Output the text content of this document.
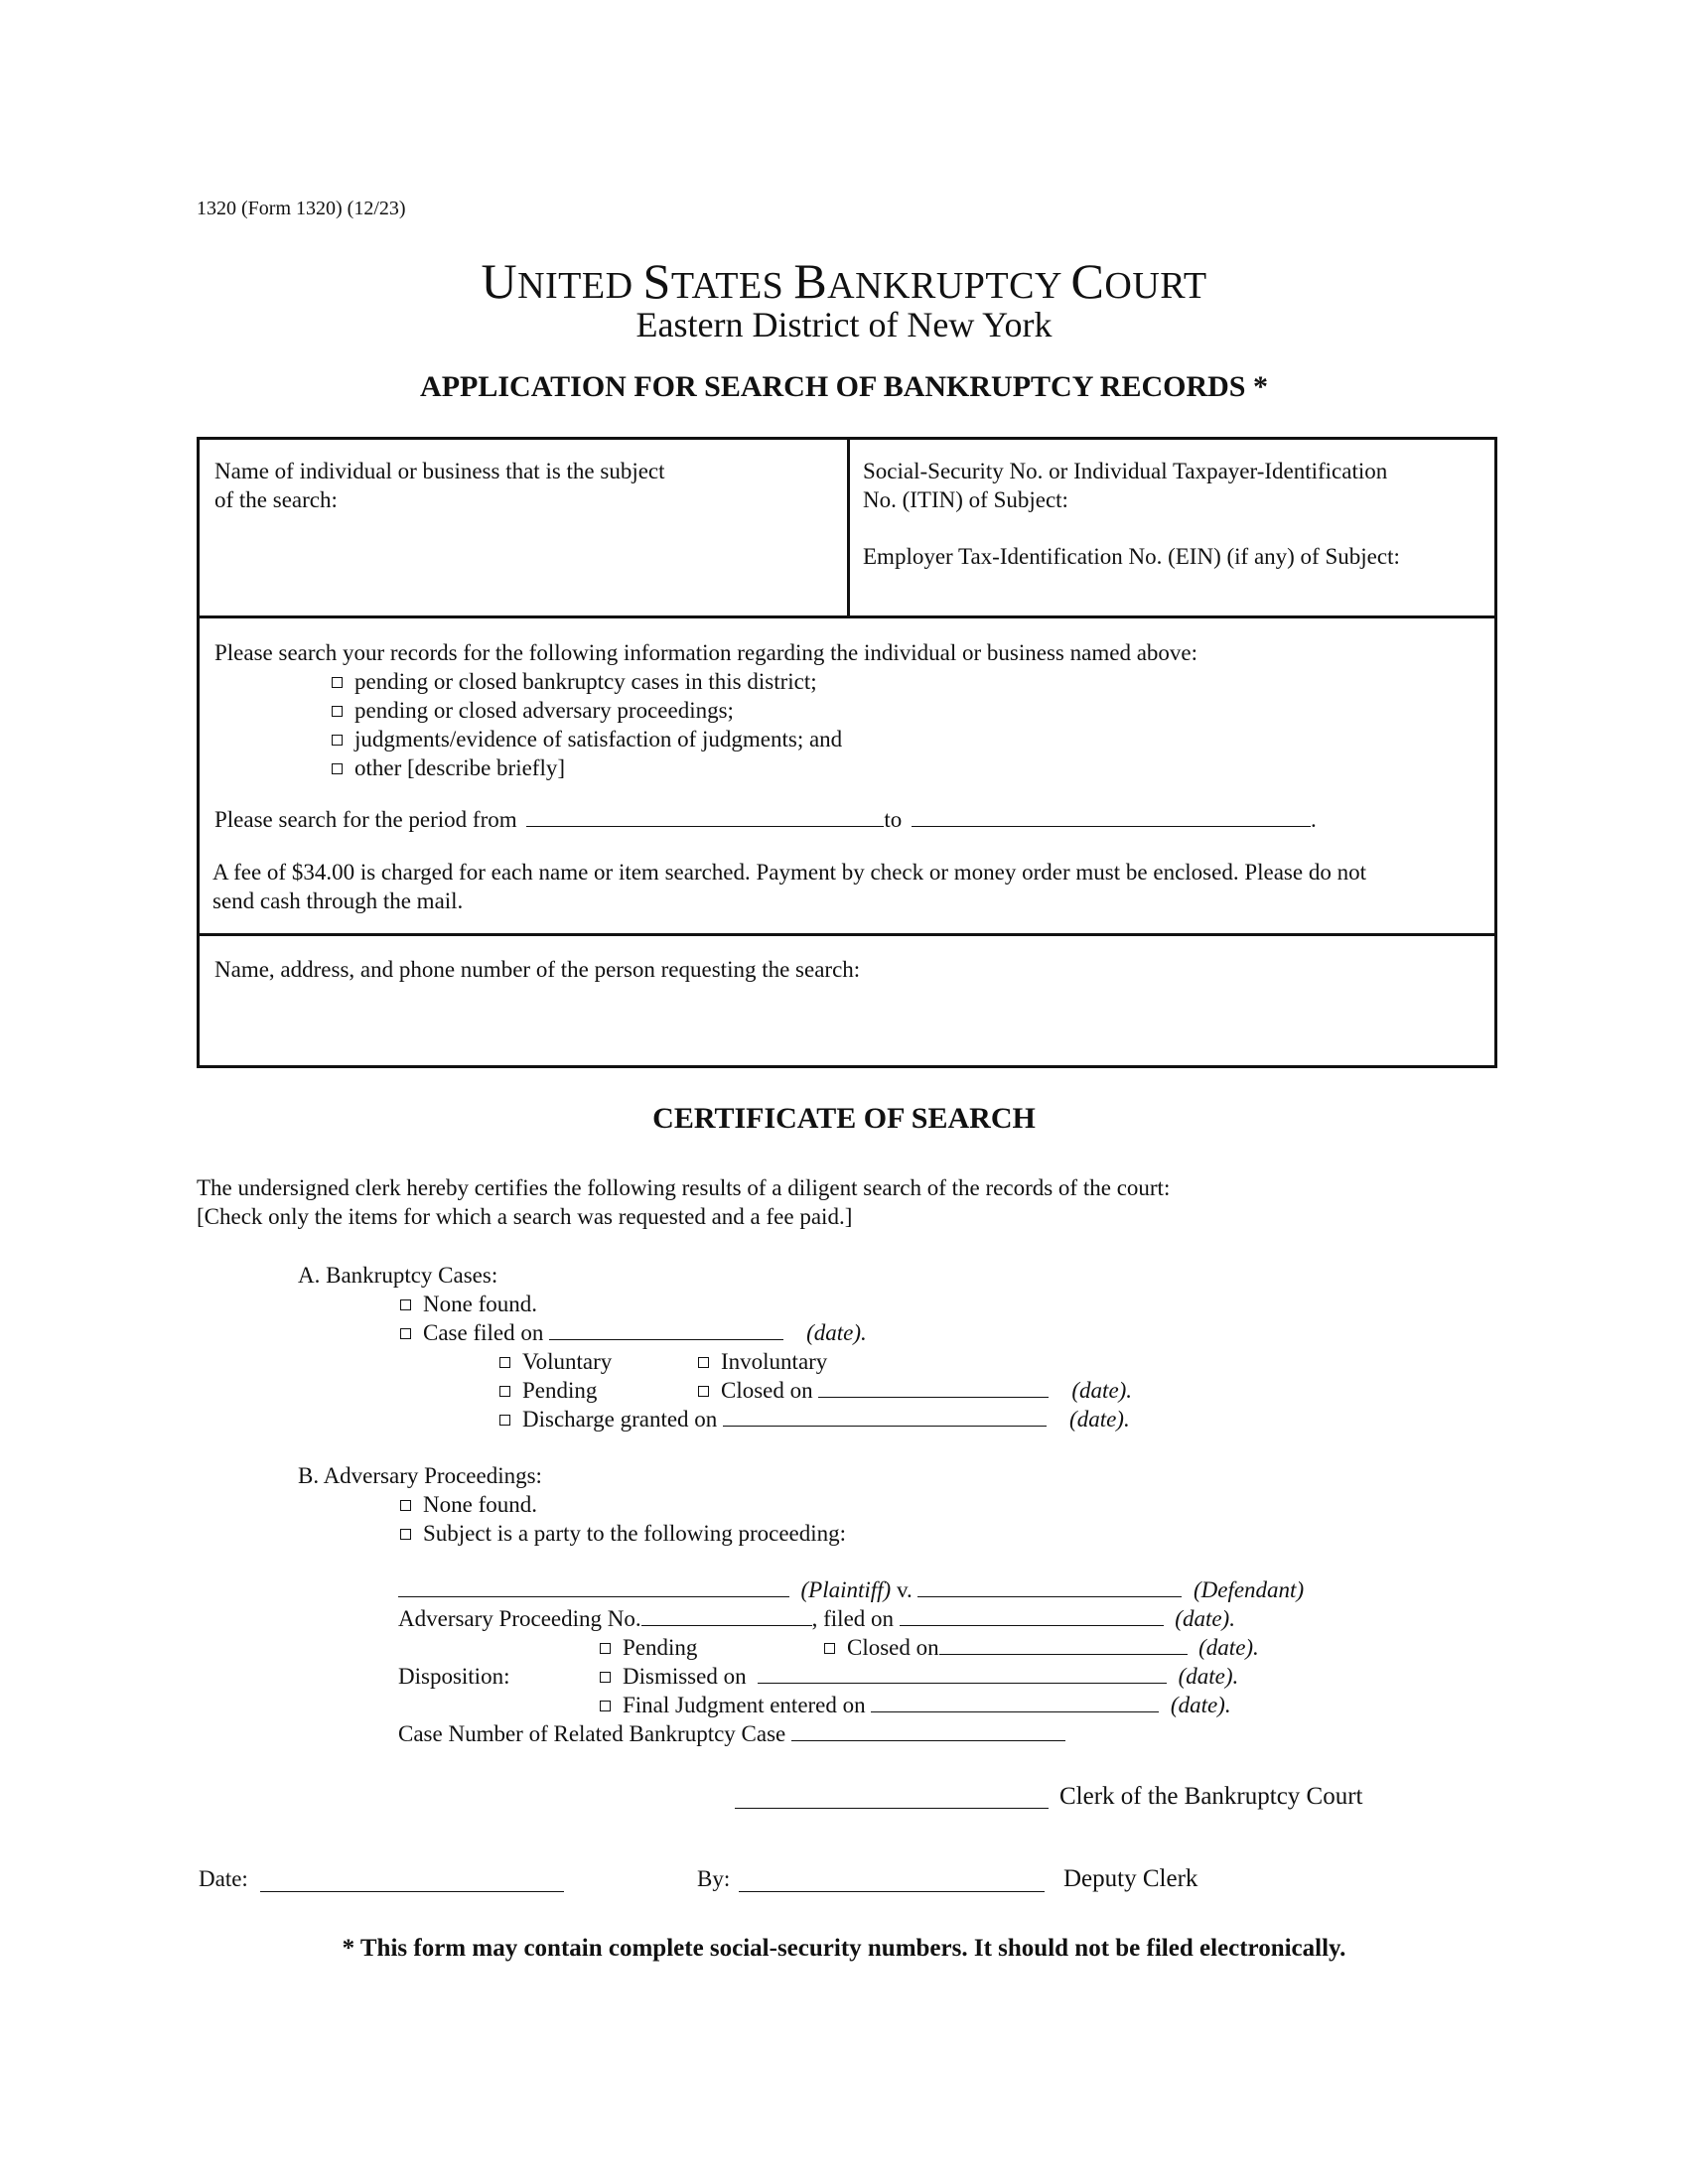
1320 (Form 1320) (12/23)
UNITED STATES BANKRUPTCY COURT
Eastern District of New York
APPLICATION FOR SEARCH OF BANKRUPTCY RECORDS *
Name of individual or business that is the subject
of the search:
Social-Security No. or Individual Taxpayer-Identification
No. (ITIN) of Subject:
Employer Tax-Identification No. (EIN) (if any) of Subject:
Please search your records for the following information regarding the individual or business named above:
pending or closed bankruptcy cases in this district;
pending or closed adversary proceedings;
judgments/evidence of satisfaction of judgments; and
other [describe briefly]
Please search for the period from	to	.
A fee of $34.00 is charged for each name or item searched. Payment by check or money order must be enclosed. Please do not
send cash through the mail.
Name, address, and phone number of the person requesting the search:
CERTIFICATE OF SEARCH
The undersigned clerk hereby certifies the following results of a diligent search of the records of the court:
[Check only the items for which a search was requested and a fee paid.]
A. Bankruptcy Cases:
None found.
Case filed on	(date).
Voluntary	Involuntary
Pending	Closed on	(date).
Discharge granted on	(date).
B. Adversary Proceedings:
None found.
Subject is a party to the following proceeding:
(Plaintiff) v.	(Defendant)
Adversary Proceeding No.	, filed on	(date).
Pending	Closed on	(date).
Disposition:	Dismissed on	(date).
Final Judgment entered on	(date).
Case Number of Related Bankruptcy Case
Clerk of the Bankruptcy Court
Date:	By:	Deputy Clerk
* This form may contain complete social-security numbers. It should not be filed electronically.
